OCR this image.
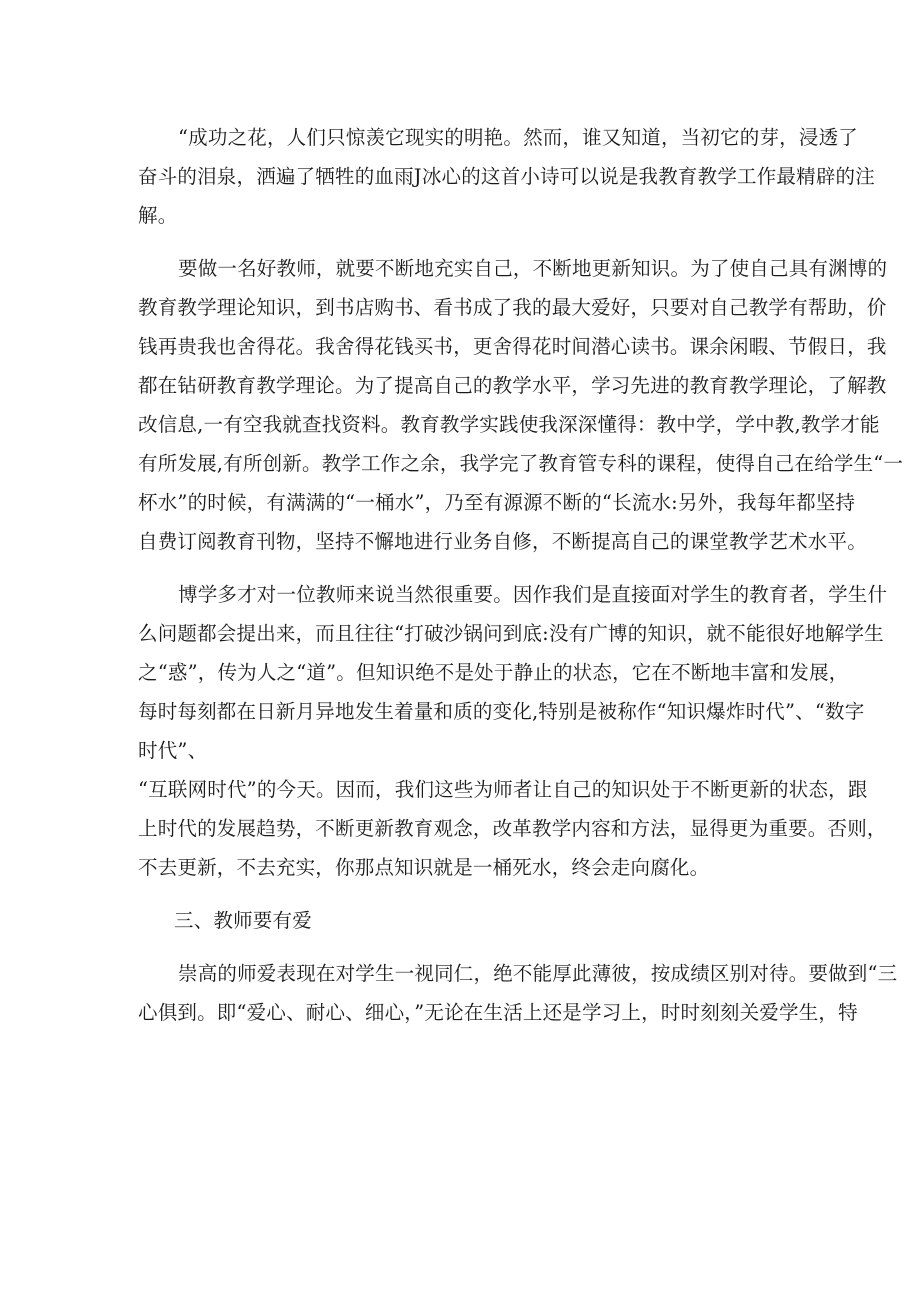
“成功之花，人们只惊羡它现实的明艳。然而，谁又知道，当初它的芽，浸透了
奋斗的泪泉，洒遍了牺牲的血雨J冰心的这首小诗可以说是我教育教学工作最精辟的注
解。
要做一名好教师，就要不断地充实自己，不断地更新知识。为了使自己具有渊博的
教育教学理论知识，到书店购书、看书成了我的最大爱好，只要对自己教学有帮助，价
钱再贵我也舍得花。我舍得花钱买书，更舍得花时间潜心读书。课余闲暇、节假日，我
都在钻研教育教学理论。为了提高自己的教学水平，学习先进的教育教学理论，了解教
改信息,一有空我就查找资料。教育教学实践使我深深懂得：教中学，学中教,教学才能
有所发展,有所创新。教学工作之余，我学完了教育管专科的课程，使得自己在给学生“一
杯水”的时候，有满满的“一桶水”，乃至有源源不断的“长流水:另外，我每年都坚持
自费订阅教育刊物，坚持不懈地进行业务自修，不断提高自己的课堂教学艺术水平。
博学多才对一位教师来说当然很重要。因作我们是直接面对学生的教育者，学生什
么问题都会提出来，而且往往“打破沙锅问到底:没有广博的知识，就不能很好地解学生
之“惑”，传为人之“道”。但知识绝不是处于静止的状态，它在不断地丰富和发展，
每时每刻都在日新月异地发生着量和质的变化,特别是被称作“知识爆炸时代”、“数字
时代”、
“互联网时代”的今天。因而，我们这些为师者让自己的知识处于不断更新的状态，跟
上时代的发展趋势，不断更新教育观念，改革教学内容和方法，显得更为重要。否则，
不去更新，不去充实，你那点知识就是一桶死水，终会走向腐化。
三、教师要有爱
崇高的师爱表现在对学生一视同仁，绝不能厚此薄彼，按成绩区别对待。要做到“三
心俱到。即“爱心、耐心、细心，”无论在生活上还是学习上，时时刻刻关爱学生，特
